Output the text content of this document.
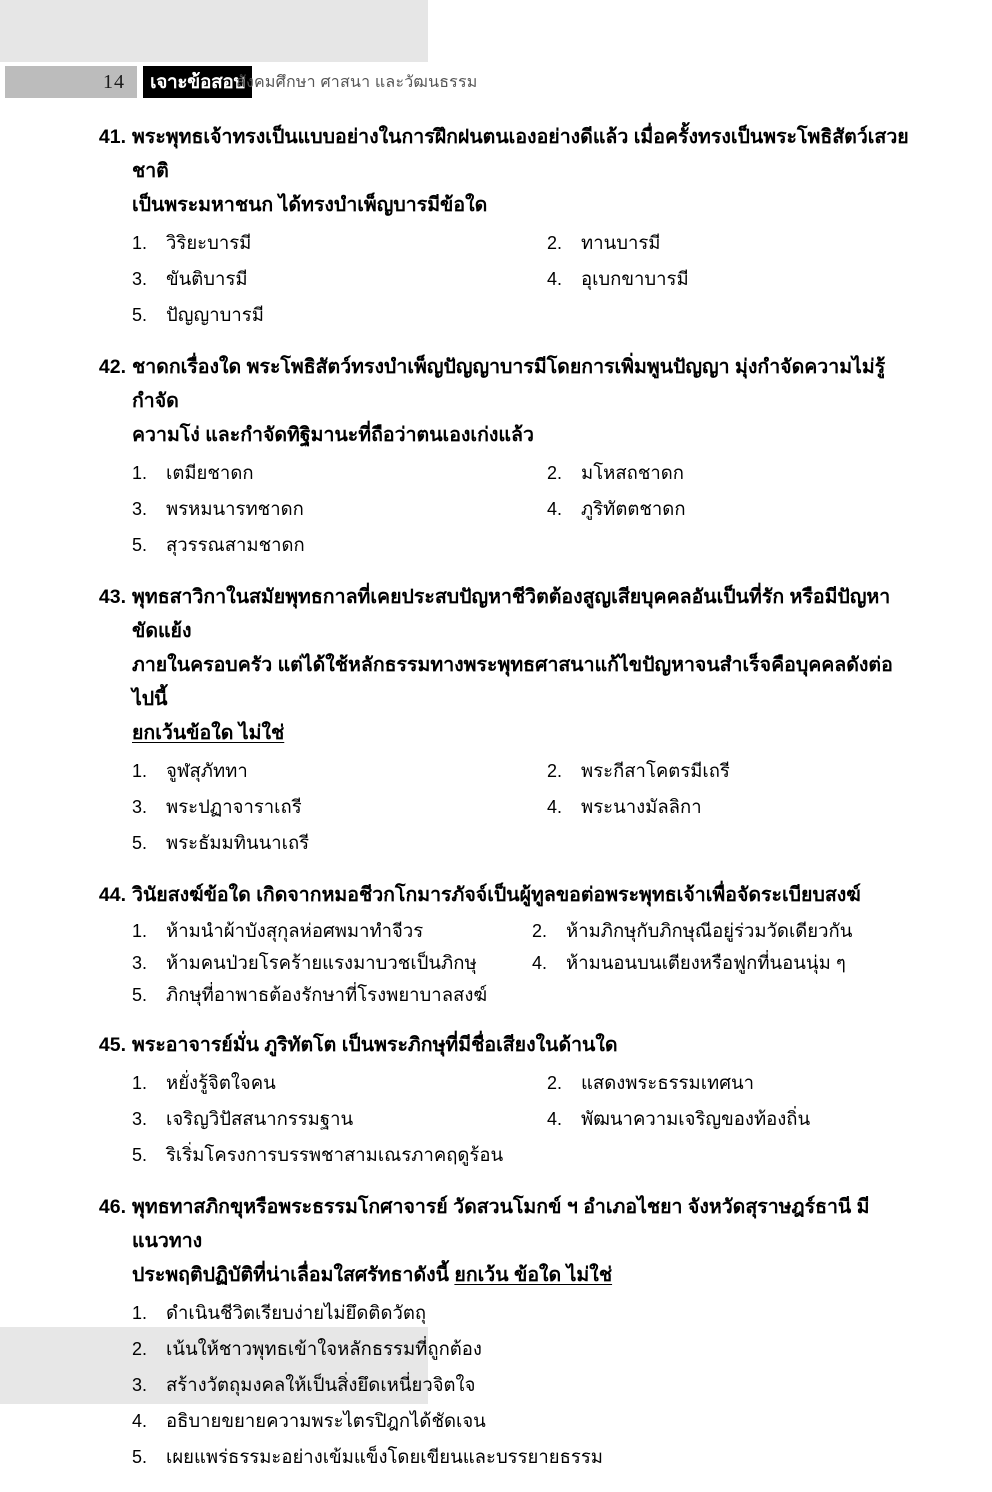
14 เจาะข้อสอบ
สังคมศึกษา ศาสนา และวัฒนธรรม
41. พระพุทธเจ้าทรงเป็นแบบอย่างในการฝึกฝนตนเองอย่างดีแล้ว เมื่อครั้งทรงเป็นพระโพธิสัตว์เสวยชาติ
เป็นพระมหาชนก ได้ทรงบำเพ็ญบารมีข้อใด
1.	วิริยะบารมี	2.	ทานบารมี
3.	ขันติบารมี	4.	อุเบกขาบารมี
5.	ปัญญาบารมี
42. ชาดกเรื่องใด พระโพธิสัตว์ทรงบำเพ็ญปัญญาบารมีโดยการเพิ่มพูนปัญญา มุ่งกำจัดความไม่รู้ กำจัด
ความโง่ และกำจัดทิฐิมานะที่ถือว่าตนเองเก่งแล้ว
1.	เตมียชาดก	2.	มโหสถชาดก
3.	พรหมนารทชาดก	4.	ภูริทัตตชาดก
5.	สุวรรณสามชาดก
43. พุทธสาวิกาในสมัยพุทธกาลที่เคยประสบปัญหาชีวิตต้องสูญเสียบุคคลอันเป็นที่รัก หรือมีปัญหาขัดแย้ง
ภายในครอบครัว แต่ได้ใช้หลักธรรมทางพระพุทธศาสนาแก้ไขปัญหาจนสำเร็จคือบุคคลดังต่อไปนี้
ยกเว้นข้อใด ไม่ใช่
1.	จูฬสุภัททา	2.	พระกีสาโคตรมีเถรี
3.	พระปฏาจาราเถรี	4.	พระนางมัลลิกา
5.	พระธัมมทินนาเถรี
44. วินัยสงฆ์ข้อใด เกิดจากหมอชีวกโกมารภัจจ์เป็นผู้ทูลขอต่อพระพุทธเจ้าเพื่อจัดระเบียบสงฆ์
1.	ห้ามนำผ้าบังสุกุลห่อศพมาทำจีวร	2.	ห้ามภิกษุกับภิกษุณีอยู่ร่วมวัดเดียวกัน
3.	ห้ามคนป่วยโรคร้ายแรงมาบวชเป็นภิกษุ	4.	ห้ามนอนบนเตียงหรือฟูกที่นอนนุ่ม ๆ
5.	ภิกษุที่อาพาธต้องรักษาที่โรงพยาบาลสงฆ์
45. พระอาจารย์มั่น ภูริทัตโต เป็นพระภิกษุที่มีชื่อเสียงในด้านใด
1.	หยั่งรู้จิตใจคน	2.	แสดงพระธรรมเทศนา
3.	เจริญวิปัสสนากรรมฐาน	4.	พัฒนาความเจริญของท้องถิ่น
5.	ริเริ่มโครงการบรรพชาสามเณรภาคฤดูร้อน
46. พุทธทาสภิกขุหรือพระธรรมโกศาจารย์ วัดสวนโมกข์ ฯ อำเภอไชยา จังหวัดสุราษฎร์ธานี มีแนวทาง
ประพฤติปฏิบัติที่น่าเลื่อมใสศรัทธาดังนี้ ยกเว้น ข้อใด ไม่ใช่
1.	ดำเนินชีวิตเรียบง่ายไม่ยึดติดวัตถุ
2.	เน้นให้ชาวพุทธเข้าใจหลักธรรมที่ถูกต้อง
3.	สร้างวัตถุมงคลให้เป็นสิ่งยึดเหนี่ยวจิตใจ
4.	อธิบายขยายความพระไตรปิฎกได้ชัดเจน
5.	เผยแพร่ธรรมะอย่างเข้มแข็งโดยเขียนและบรรยายธรรม
